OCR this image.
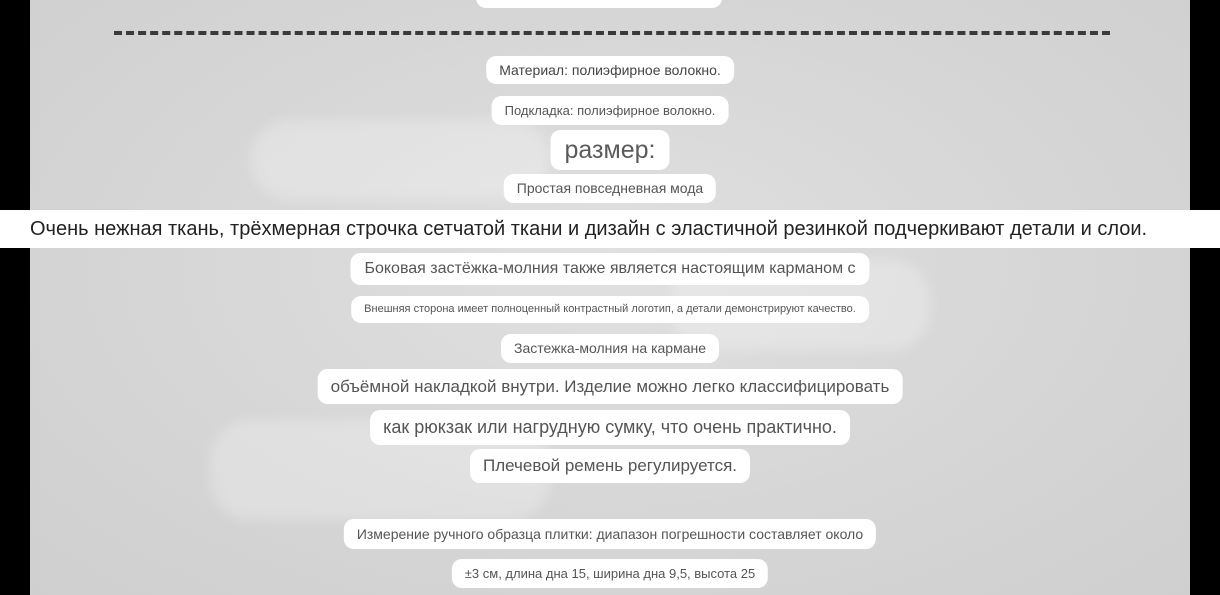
Материал: полиэфирное волокно.
Подкладка: полиэфирное волокно.
размер:
Простая повседневная мода
Очень нежная ткань, трёхмерная строчка сетчатой ткани и дизайн с эластичной резинкой подчеркивают детали и слои.
Боковая застёжка-молния также является настоящим карманом с
Внешняя сторона имеет полноценный контрастный логотип, а детали демонстрируют качество.
Застежка-молния на кармане
объёмной накладкой внутри. Изделие можно легко классифицировать
как рюкзак или нагрудную сумку, что очень практично.
Плечевой ремень регулируется.
Измерение ручного образца плитки: диапазон погрешности составляет около
±3 см, длина дна 15, ширина дна 9,5, высота 25
